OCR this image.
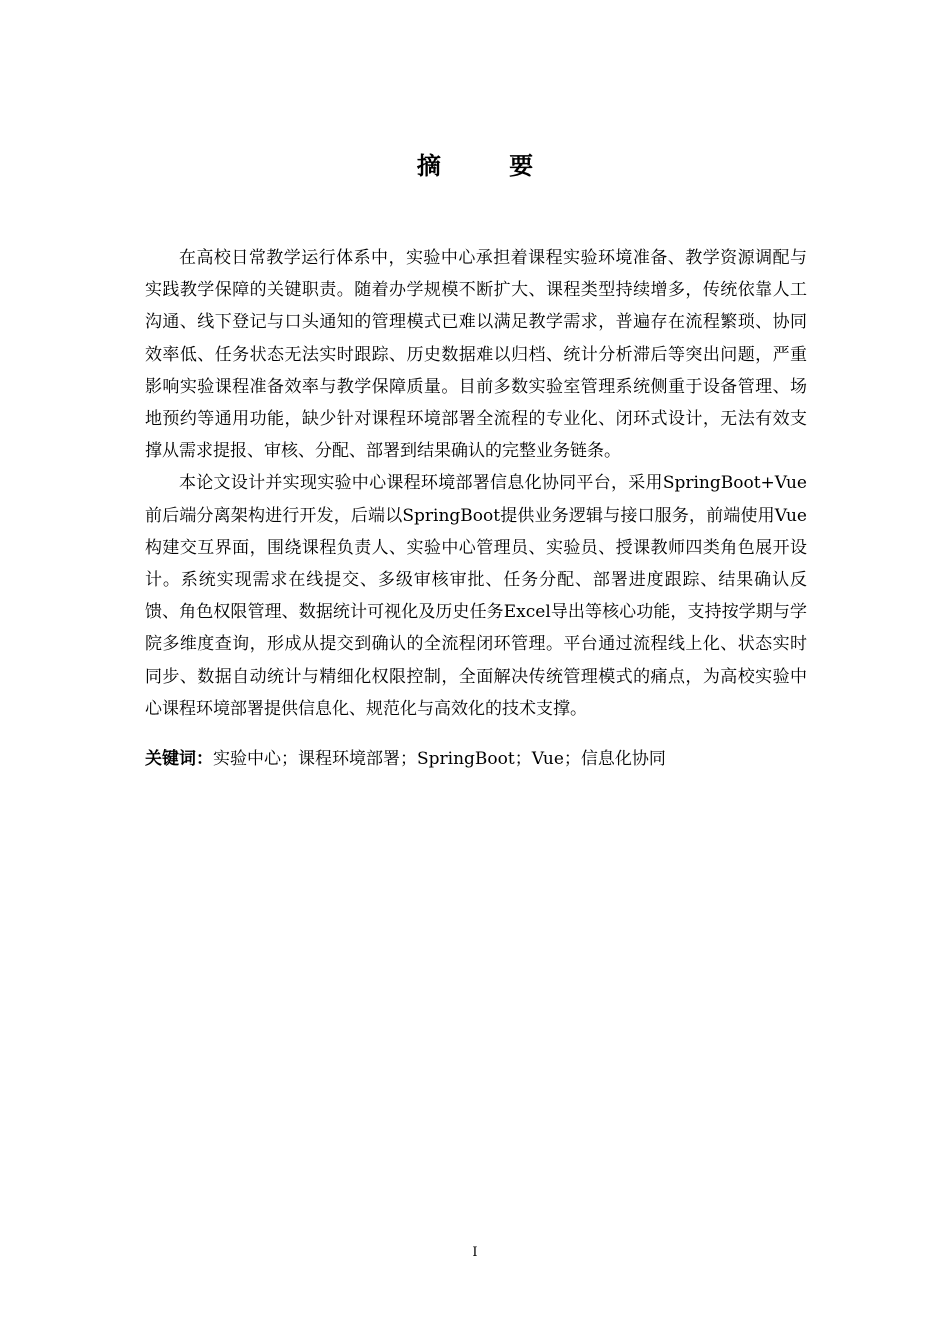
摘 要

在高校日常教学运行体系中，实验中心承担着课程实验环境准备、教学资源调配与实践教学保障的关键职责。随着办学规模不断扩大、课程类型持续增多，传统依靠人工沟通、线下登记与口头通知的管理模式已难以满足教学需求，普遍存在流程繁琐、协同效率低、任务状态无法实时跟踪、历史数据难以归档、统计分析滞后等突出问题，严重影响实验课程准备效率与教学保障质量。目前多数实验室管理系统侧重于设备管理、场地预约等通用功能，缺少针对课程环境部署全流程的专业化、闭环式设计，无法有效支撑从需求提报、审核、分配、部署到结果确认的完整业务链条。

本论文设计并实现实验中心课程环境部署信息化协同平台，采用SpringBoot+Vue前后端分离架构进行开发，后端以SpringBoot提供业务逻辑与接口服务，前端使用Vue构建交互界面，围绕课程负责人、实验中心管理员、实验员、授课教师四类角色展开设计。系统实现需求在线提交、多级审核审批、任务分配、部署进度跟踪、结果确认反馈、角色权限管理、数据统计可视化及历史任务Excel导出等核心功能，支持按学期与学院多维度查询，形成从提交到确认的全流程闭环管理。平台通过流程线上化、状态实时同步、数据自动统计与精细化权限控制，全面解决传统管理模式的痛点，为高校实验中心课程环境部署提供信息化、规范化与高效化的技术支撑。

关键词：实验中心；课程环境部署；SpringBoot；Vue；信息化协同
I
